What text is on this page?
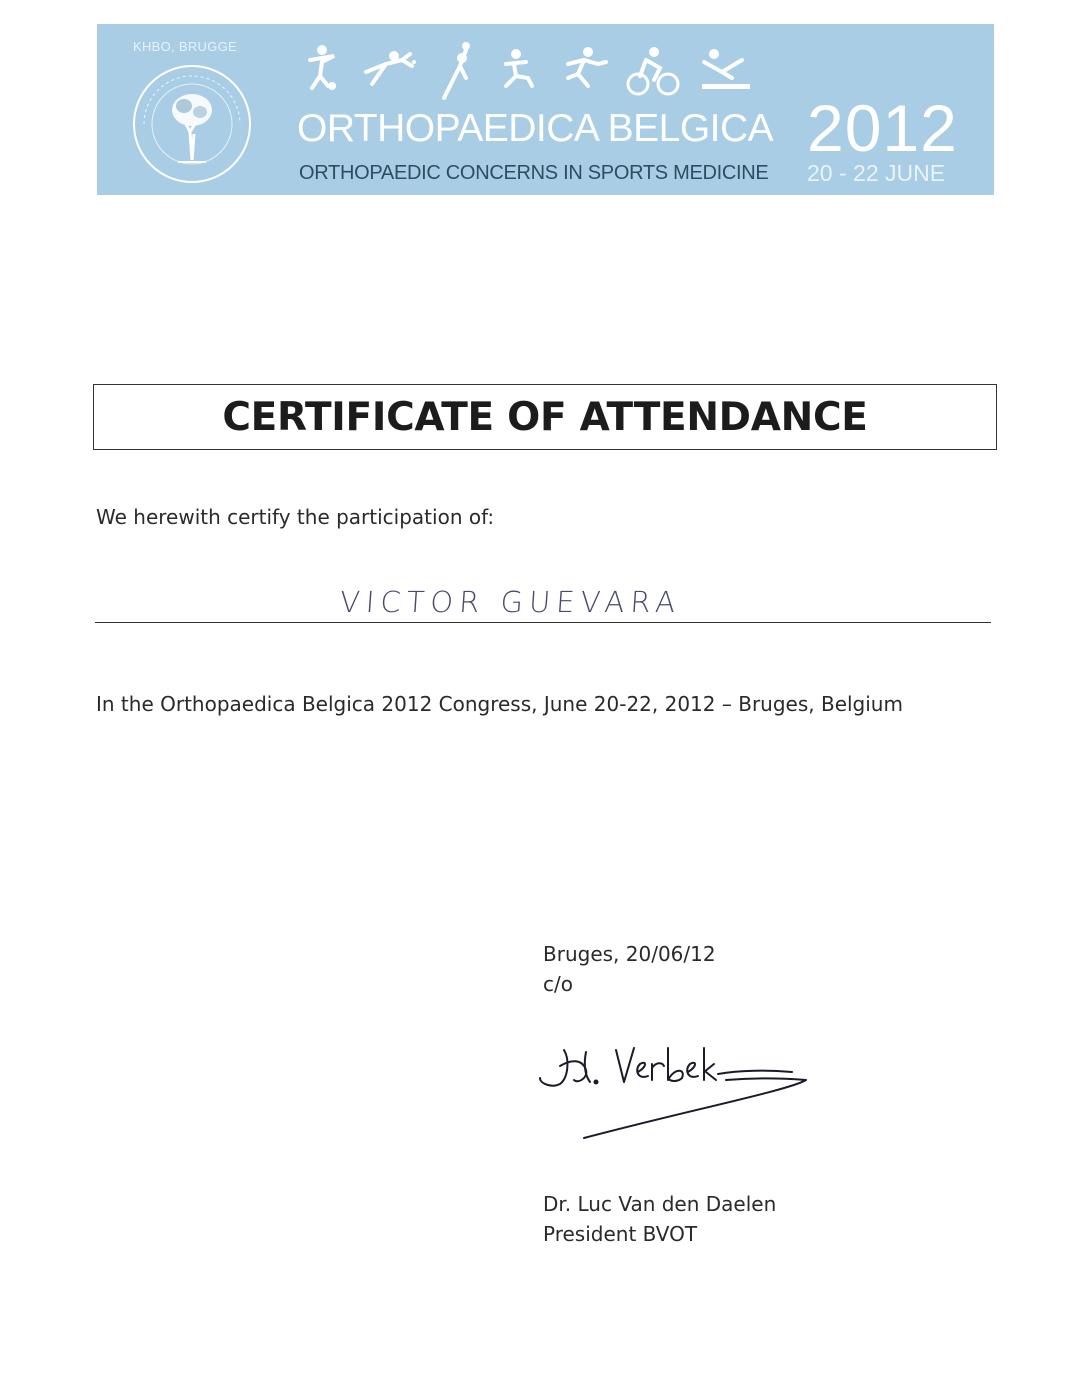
KHBO, BRUGGE
ORTHOPAEDICA BELGICA
ORTHOPAEDIC CONCERNS IN SPORTS MEDICINE
2012
20 - 22 JUNE
CERTIFICATE OF ATTENDANCE
We herewith certify the participation of:
VICTOR GUEVARA
In the Orthopaedica Belgica 2012 Congress, June 20-22, 2012 – Bruges, Belgium
Bruges, 20/06/12
c/o
Dr. Luc Van den Daelen
President BVOT
